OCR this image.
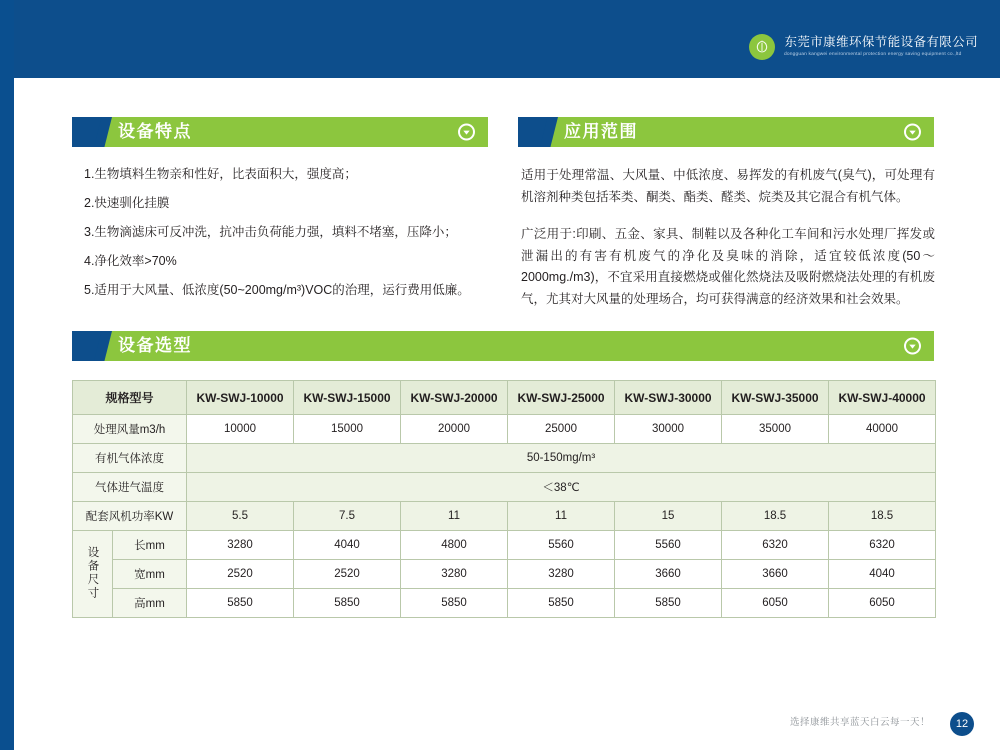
东莞市康维环保节能设备有限公司
dongguan kangwei environmental protection energy saving equipment co.,ltd
设备特点

1.生物填料生物亲和性好，比表面积大，强度高；

2.快速驯化挂膜

3.生物滴滤床可反冲洗，抗冲击负荷能力强，填料不堵塞，压降小；

4.净化效率>70%

5.适用于大风量、低浓度(50~200mg/m³)VOC的治理，运行费用低廉。

应用范围

适用于处理常温、大风量、中低浓度、易挥发的有机废气(臭气)，可处理有机溶剂种类包括苯类、酮类、酯类、醛类、烷类及其它混合有机气体。

广泛用于:印刷、五金、家具、制鞋以及各种化工车间和污水处理厂挥发或泄漏出的有害有机废气的净化及臭味的消除，适宜较低浓度(50～2000mg./m3)，不宜采用直接燃烧或催化然烧法及吸附燃烧法处理的有机废气，尤其对大风量的处理场合，均可获得满意的经济效果和社会效果。

设备选型
规格型号		KW-SWJ-10000	KW-SWJ-15000	KW-SWJ-20000	KW-SWJ-25000	KW-SWJ-30000	KW-SWJ-35000	KW-SWJ-40000
处理风量m3/h		10000	15000	20000	25000	30000	35000	40000
有机气体浓度		50-150mg/m³						
气体进气温度		＜38℃						
配套风机功率KW		5.5	7.5	11	11	15	18.5	18.5
设备尺寸	长mm	3280	4040	4800	5560	5560	6320	6320
	宽mm	2520	2520	3280	3280	3660	3660	4040
	高mm	5850	5850	5850	5850	5850	6050	6050
选择康维共享蓝天白云每一天！	12
